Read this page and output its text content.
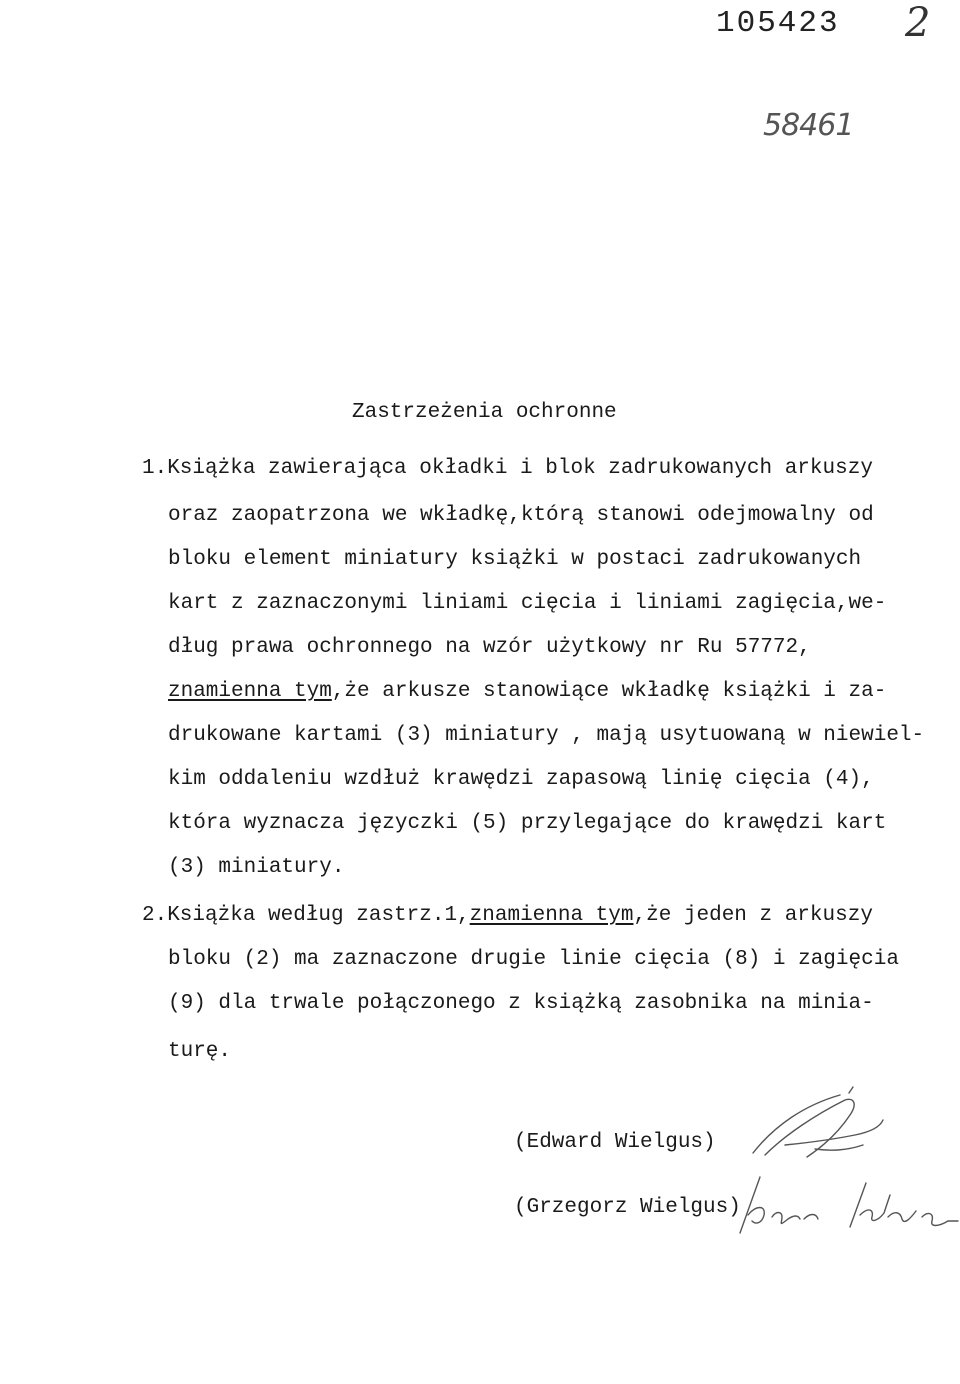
105423 2
58461
Zastrzeżenia ochronne
1.Książka zawierająca okładki i blok zadrukowanych arkuszy
oraz zaopatrzona we wkładkę,którą stanowi odejmowalny od
bloku element miniatury książki w postaci zadrukowanych
kart z zaznaczonymi liniami cięcia i liniami zagięcia,we-
dług prawa ochronnego na wzór użytkowy nr Ru 57772,
znamienna tym,że arkusze stanowiące wkładkę książki i za-
drukowane kartami (3) miniatury , mają usytuowaną w niewiel-
kim oddaleniu wzdłuż krawędzi zapasową linię cięcia (4),
która wyznacza języczki (5) przylegające do krawędzi kart
(3) miniatury.
2.Książka według zastrz.1,znamienna tym,że jeden z arkuszy
bloku (2) ma zaznaczone drugie linie cięcia (8) i zagięcia
(9) dla trwale połączonego z książką zasobnika na minia-
turę.
(Edward Wielgus)
(Grzegorz Wielgus)
